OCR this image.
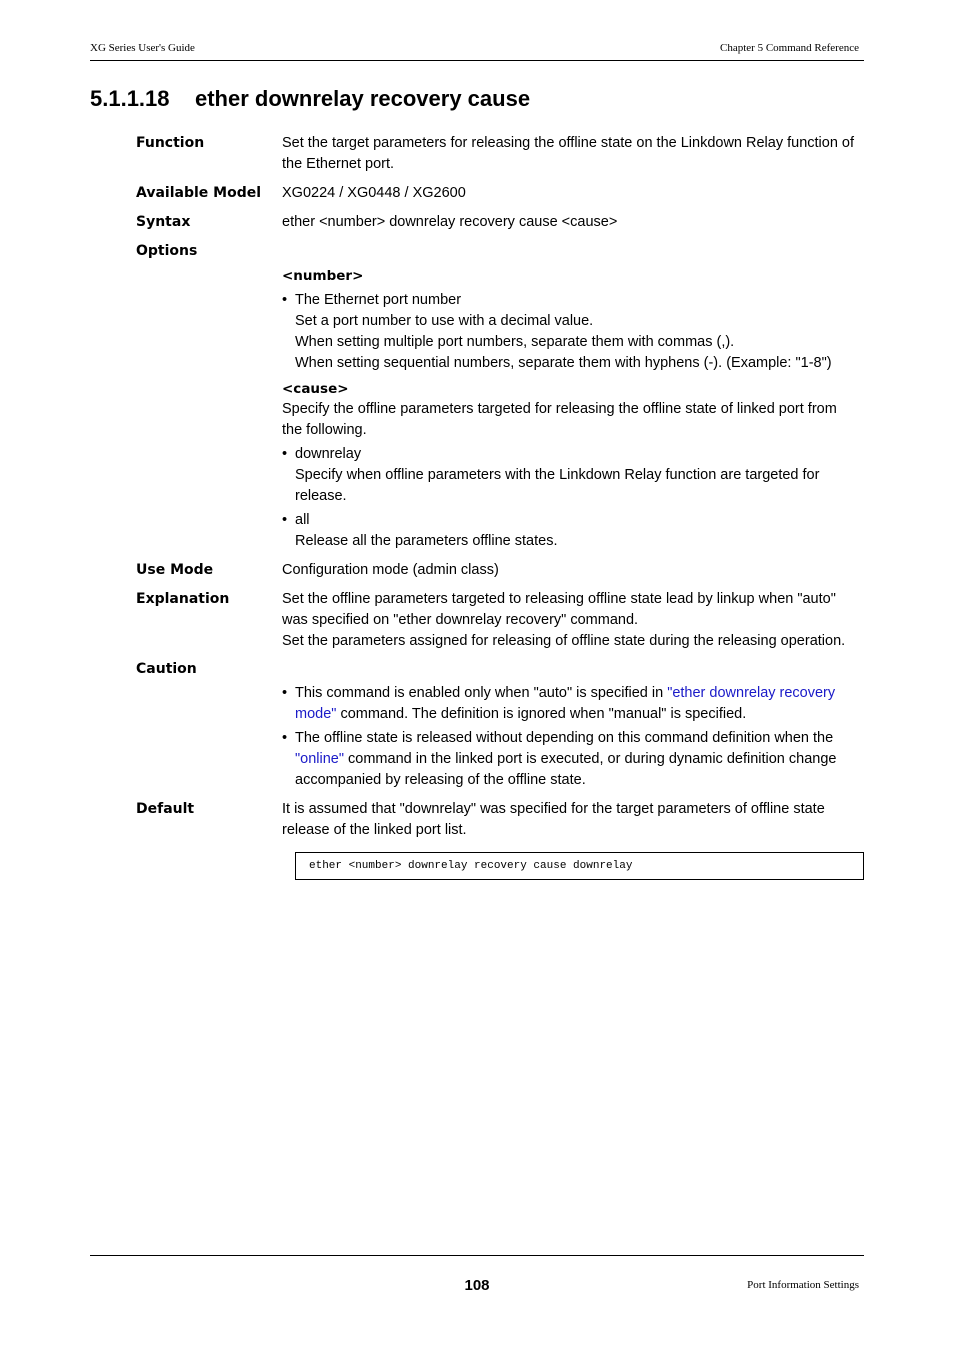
XG Series User's Guide	Chapter 5 Command Reference
5.1.1.18 ether downrelay recovery cause
Function	Set the target parameters for releasing the offline state on the Linkdown Relay function of
the Ethernet port.
Available Model XG0224 / XG0448 / XG2600
Syntax	ether <number> downrelay recovery cause <cause>
Options
<number>
• The Ethernet port number
Set a port number to use with a decimal value.
When setting multiple port numbers, separate them with commas (,).
When setting sequential numbers, separate them with hyphens (-). (Example: "1-8")
<cause>
Specify the offline parameters targeted for releasing the offline state of linked port from
the following.
• downrelay
Specify when offline parameters with the Linkdown Relay function are targeted for
release.
• all
Release all the parameters offline states.
Use Mode	Configuration mode (admin class)
Explanation	Set the offline parameters targeted to releasing offline state lead by linkup when "auto"
was specified on "ether downrelay recovery" command.
Set the parameters assigned for releasing of offline state during the releasing operation.
Caution
• This command is enabled only when "auto" is specified in "ether downrelay recovery
mode" command. The definition is ignored when "manual" is specified.
• The offline state is released without depending on this command definition when the
"online" command in the linked port is executed, or during dynamic definition change
accompanied by releasing of the offline state.
Default	It is assumed that "downrelay" was specified for the target parameters of offline state
release of the linked port list.
ether <number> downrelay recovery cause downrelay
108	Port Information Settings
